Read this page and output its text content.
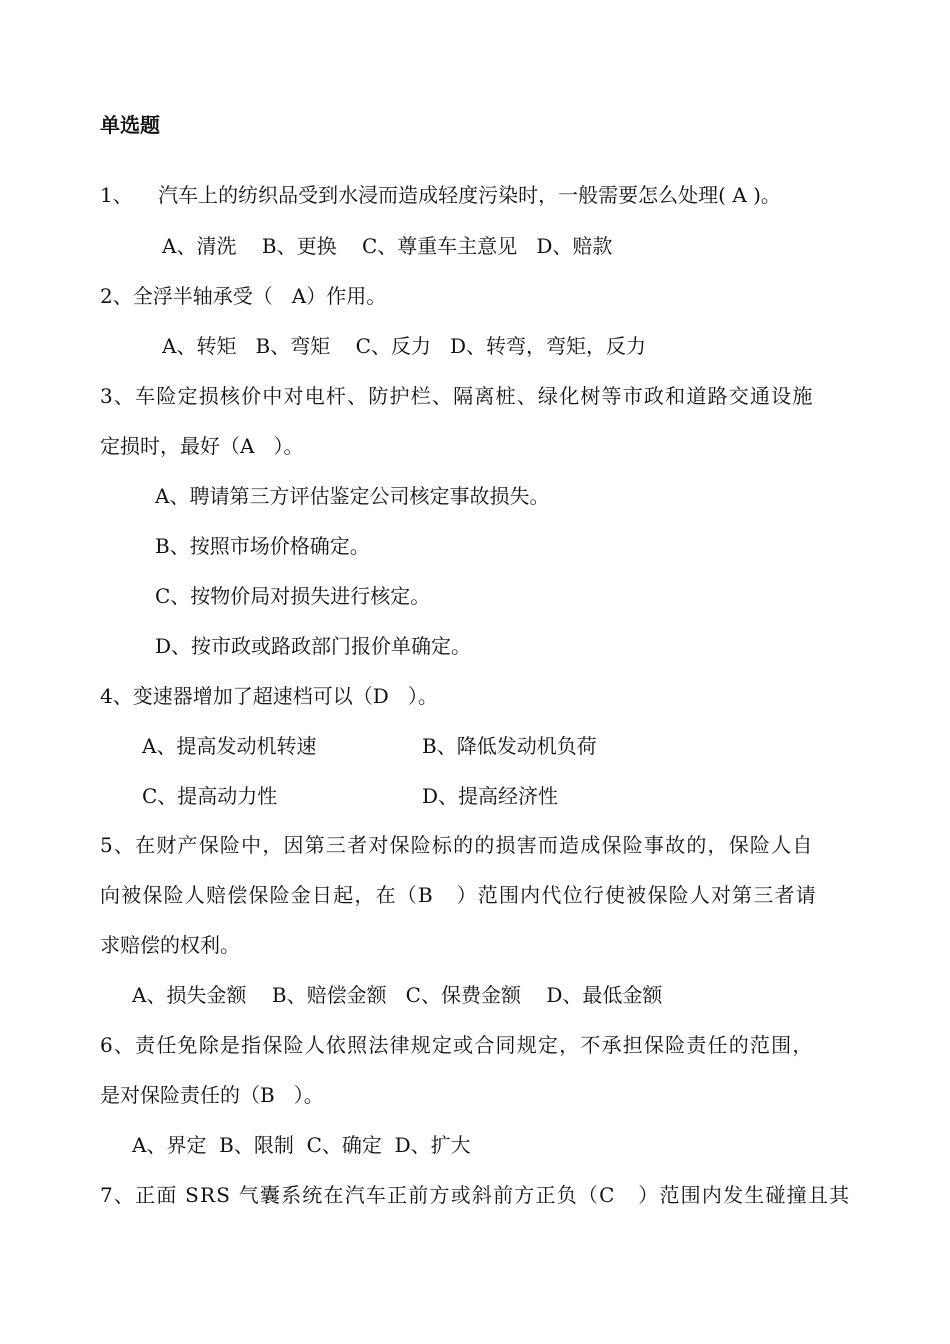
单选题
1、    汽车上的纺织品受到水浸而造成轻度污染时，一般需要怎么处理( A )。
A、清洗    B、更换    C、尊重车主意见   D、赔款
2、全浮半轴承受（   A）作用。
A、转矩   B、弯矩    C、反力   D、转弯，弯矩，反力
3、车险定损核价中对电杆、防护栏、隔离桩、绿化树等市政和道路交通设施
定损时，最好（A   ）。
A、聘请第三方评估鉴定公司核定事故损失。
B、按照市场价格确定。
C、按物价局对损失进行核定。
D、按市政或路政部门报价单确定。
4、变速器增加了超速档可以（D   ）。
A、提高发动机转速	B、降低发动机负荷
C、提高动力性	D、提高经济性
5、在财产保险中，因第三者对保险标的的损害而造成保险事故的，保险人自
向被保险人赔偿保险金日起，在（B   ）范围内代位行使被保险人对第三者请
求赔偿的权利。
A、损失金额    B、赔偿金额   C、保费金额    D、最低金额
6、责任免除是指保险人依照法律规定或合同规定，不承担保险责任的范围，
是对保险责任的（B   ）。
A、界定  B、限制  C、确定  D、扩大
7、正面 SRS 气囊系统在汽车正前方或斜前方正负（C   ）范围内发生碰撞且其
